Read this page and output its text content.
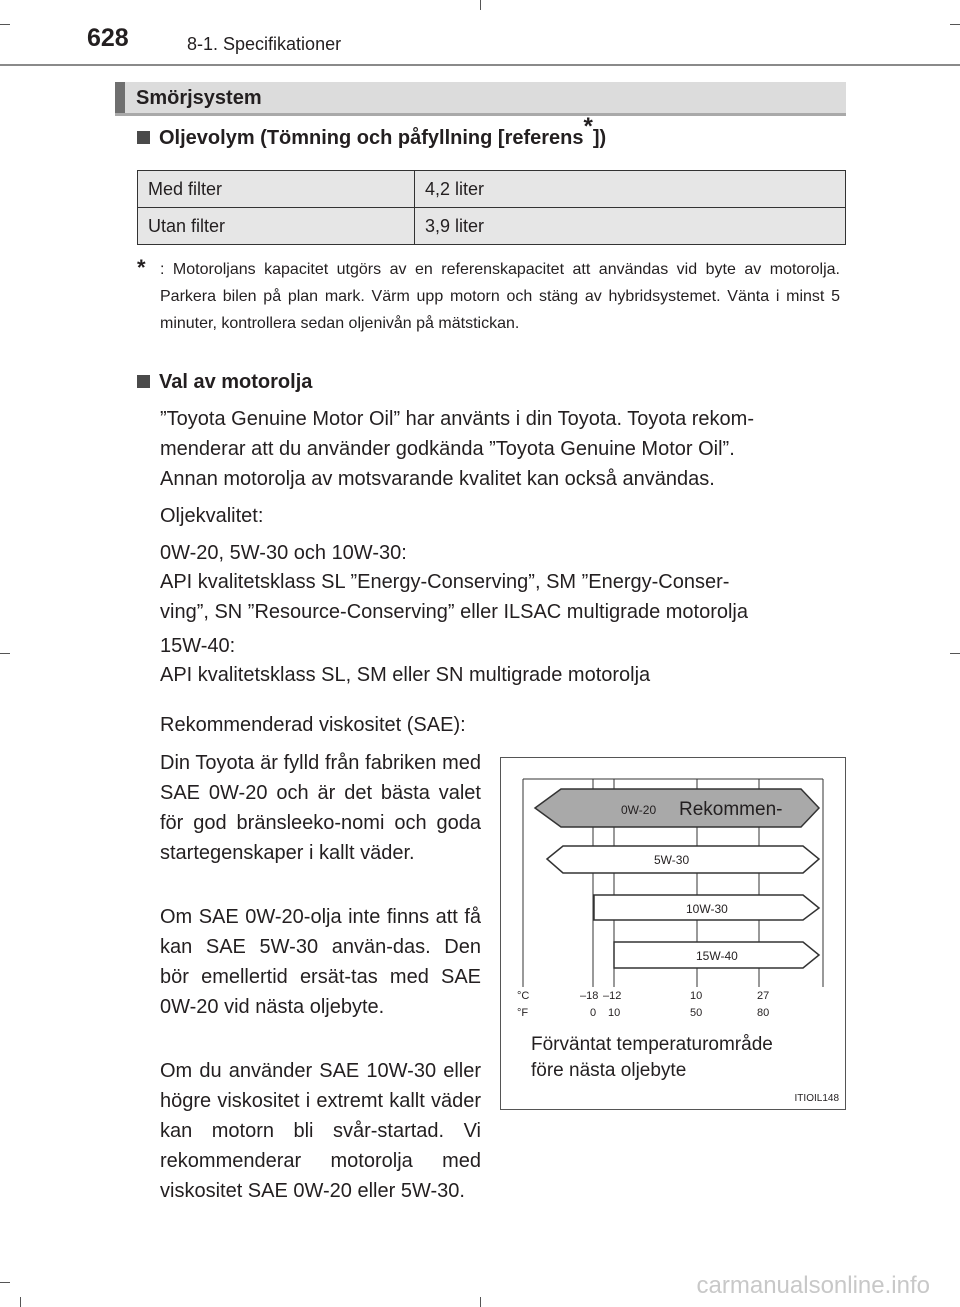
628	8-1. Specifikationer
Smörjsystem
Oljevolym (Tömning och påfyllning [referens*])
Med filter	4,2 liter
Utan filter	3,9 liter
* : Motoroljans kapacitet utgörs av en referenskapacitet att användas vid byte av motorolja. Parkera bilen på plan mark. Värm upp motorn och stäng av hybridsystemet. Vänta i minst 5 minuter, kontrollera sedan oljenivån på mätstickan.
Val av motorolja
”Toyota Genuine Motor Oil” har använts i din Toyota. Toyota rekom-
menderar att du använder godkända ”Toyota Genuine Motor Oil”.
Annan motorolja av motsvarande kvalitet kan också användas.
Oljekvalitet:
0W-20, 5W-30 och 10W-30:
API kvalitetsklass SL ”Energy-Conserving”, SM ”Energy-Conser-
ving”, SN ”Resource-Conserving” eller ILSAC multigrade motorolja
15W-40:
API kvalitetsklass SL, SM eller SN multigrade motorolja
Rekommenderad viskositet (SAE):

Din Toyota är fylld från fabriken med SAE 0W-20 och är det bästa valet för god bränsleeko-nomi och goda startegenskaper i kallt väder.

Om SAE 0W-20-olja inte finns att få kan SAE 5W-30 använ-das. Den bör emellertid ersät-tas med SAE 0W-20 vid nästa oljebyte.

Om du använder SAE 10W-30 eller högre viskositet i extremt kallt väder kan motorn bli svår-startad. Vi rekommenderar motorolja med viskositet SAE 0W-20 eller 5W-30.

0W-20 Rekommen-
5W-30
10W-30
15W-40
°C
°F
–18 –12	10	27
0 10	50	80
Förväntat temperaturområde
före nästa oljebyte
ITIOIL148
carmanualsonline.info
